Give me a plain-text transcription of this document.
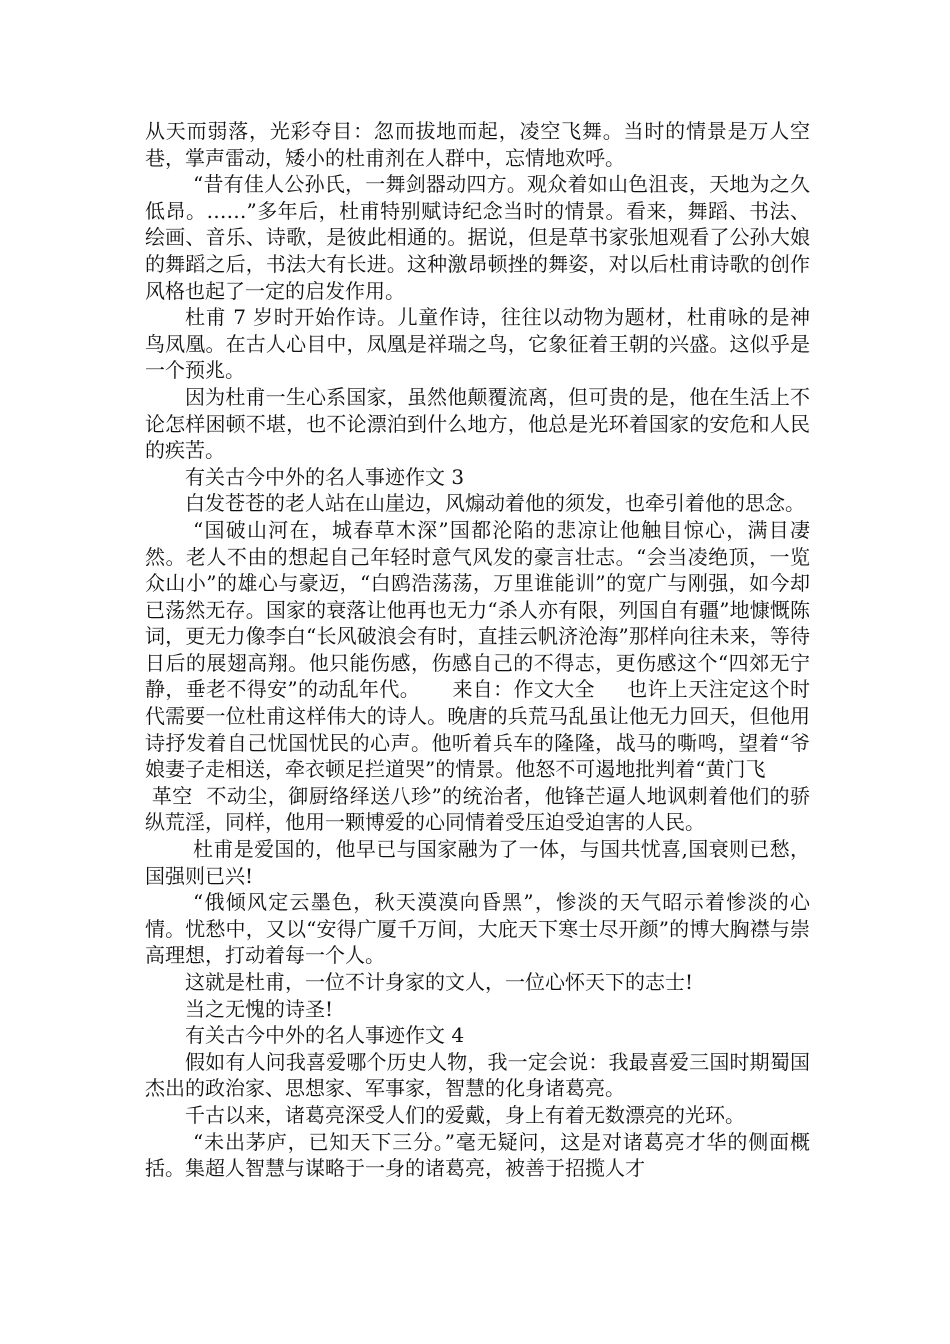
从天而弱落，光彩夺目：忽而拔地而起，凌空飞舞。当时的情景是万人空巷，掌声雷动，矮小的杜甫剂在人群中，忘情地欢呼。

“昔有佳人公孙氏，一舞剑器动四方。观众着如山色沮丧，天地为之久低昂。……”多年后，杜甫特别赋诗纪念当时的情景。看来，舞蹈、书法、绘画、音乐、诗歌，是彼此相通的。据说，但是草书家张旭观看了公孙大娘的舞蹈之后，书法大有长进。这种激昂顿挫的舞姿，对以后杜甫诗歌的创作风格也起了一定的启发作用。

杜甫 7 岁时开始作诗。儿童作诗，往往以动物为题材，杜甫咏的是神鸟凤凰。在古人心目中，凤凰是祥瑞之鸟，它象征着王朝的兴盛。这似乎是一个预兆。

因为杜甫一生心系国家，虽然他颠覆流离，但可贵的是，他在生活上不论怎样困顿不堪，也不论漂泊到什么地方，他总是光环着国家的安危和人民的疾苦。

有关古今中外的名人事迹作文 3

白发苍苍的老人站在山崖边，风煽动着他的须发，也牵引着他的思念。

“国破山河在，城春草木深”国都沦陷的悲凉让他触目惊心，满目凄然。老人不由的想起自己年轻时意气风发的豪言壮志。“会当凌绝顶，一览众山小”的雄心与豪迈，“白鸥浩荡荡，万里谁能训”的宽广与刚强，如今却已荡然无存。国家的衰落让他再也无力“杀人亦有限，列国自有疆”地慷慨陈词，更无力像李白“长风破浪会有时，直挂云帆济沧海”那样向往未来，等待日后的展翅高翔。他只能伤感，伤感自己的不得志，更伤感这个“四郊无宁静，垂老不得安”的动乱年代。 来自：作文大全 也许上天注定这个时代需要一位杜甫这样伟大的诗人。晚唐的兵荒马乱虽让他无力回天，但他用诗抒发着自己忧国忧民的心声。他听着兵车的隆隆，战马的嘶鸣，望着“爷娘妻子走相送，牵衣顿足拦道哭”的情景。他怒不可遏地批判着“黄门飞

革空  不动尘，御厨络绎送八珍”的统治者，他锋芒逼人地讽刺着他们的骄纵荒淫，同样，他用一颗博爱的心同情着受压迫受迫害的人民。

杜甫是爱国的，他早已与国家融为了一体，与国共忧喜,国衰则已愁，国强则已兴!

“俄倾风定云墨色，秋天漠漠向昏黑”，惨淡的天气昭示着惨淡的心情。忧愁中，又以“安得广厦千万间，大庇天下寒士尽开颜”的博大胸襟与崇高理想，打动着每一个人。

这就是杜甫，一位不计身家的文人，一位心怀天下的志士!

当之无愧的诗圣!

有关古今中外的名人事迹作文 4

假如有人问我喜爱哪个历史人物，我一定会说：我最喜爱三国时期蜀国杰出的政治家、思想家、军事家，智慧的化身诸葛亮。

千古以来，诸葛亮深受人们的爱戴，身上有着无数漂亮的光环。

“未出茅庐，已知天下三分。”毫无疑问，这是对诸葛亮才华的侧面概括。集超人智慧与谋略于一身的诸葛亮，被善于招揽人才
